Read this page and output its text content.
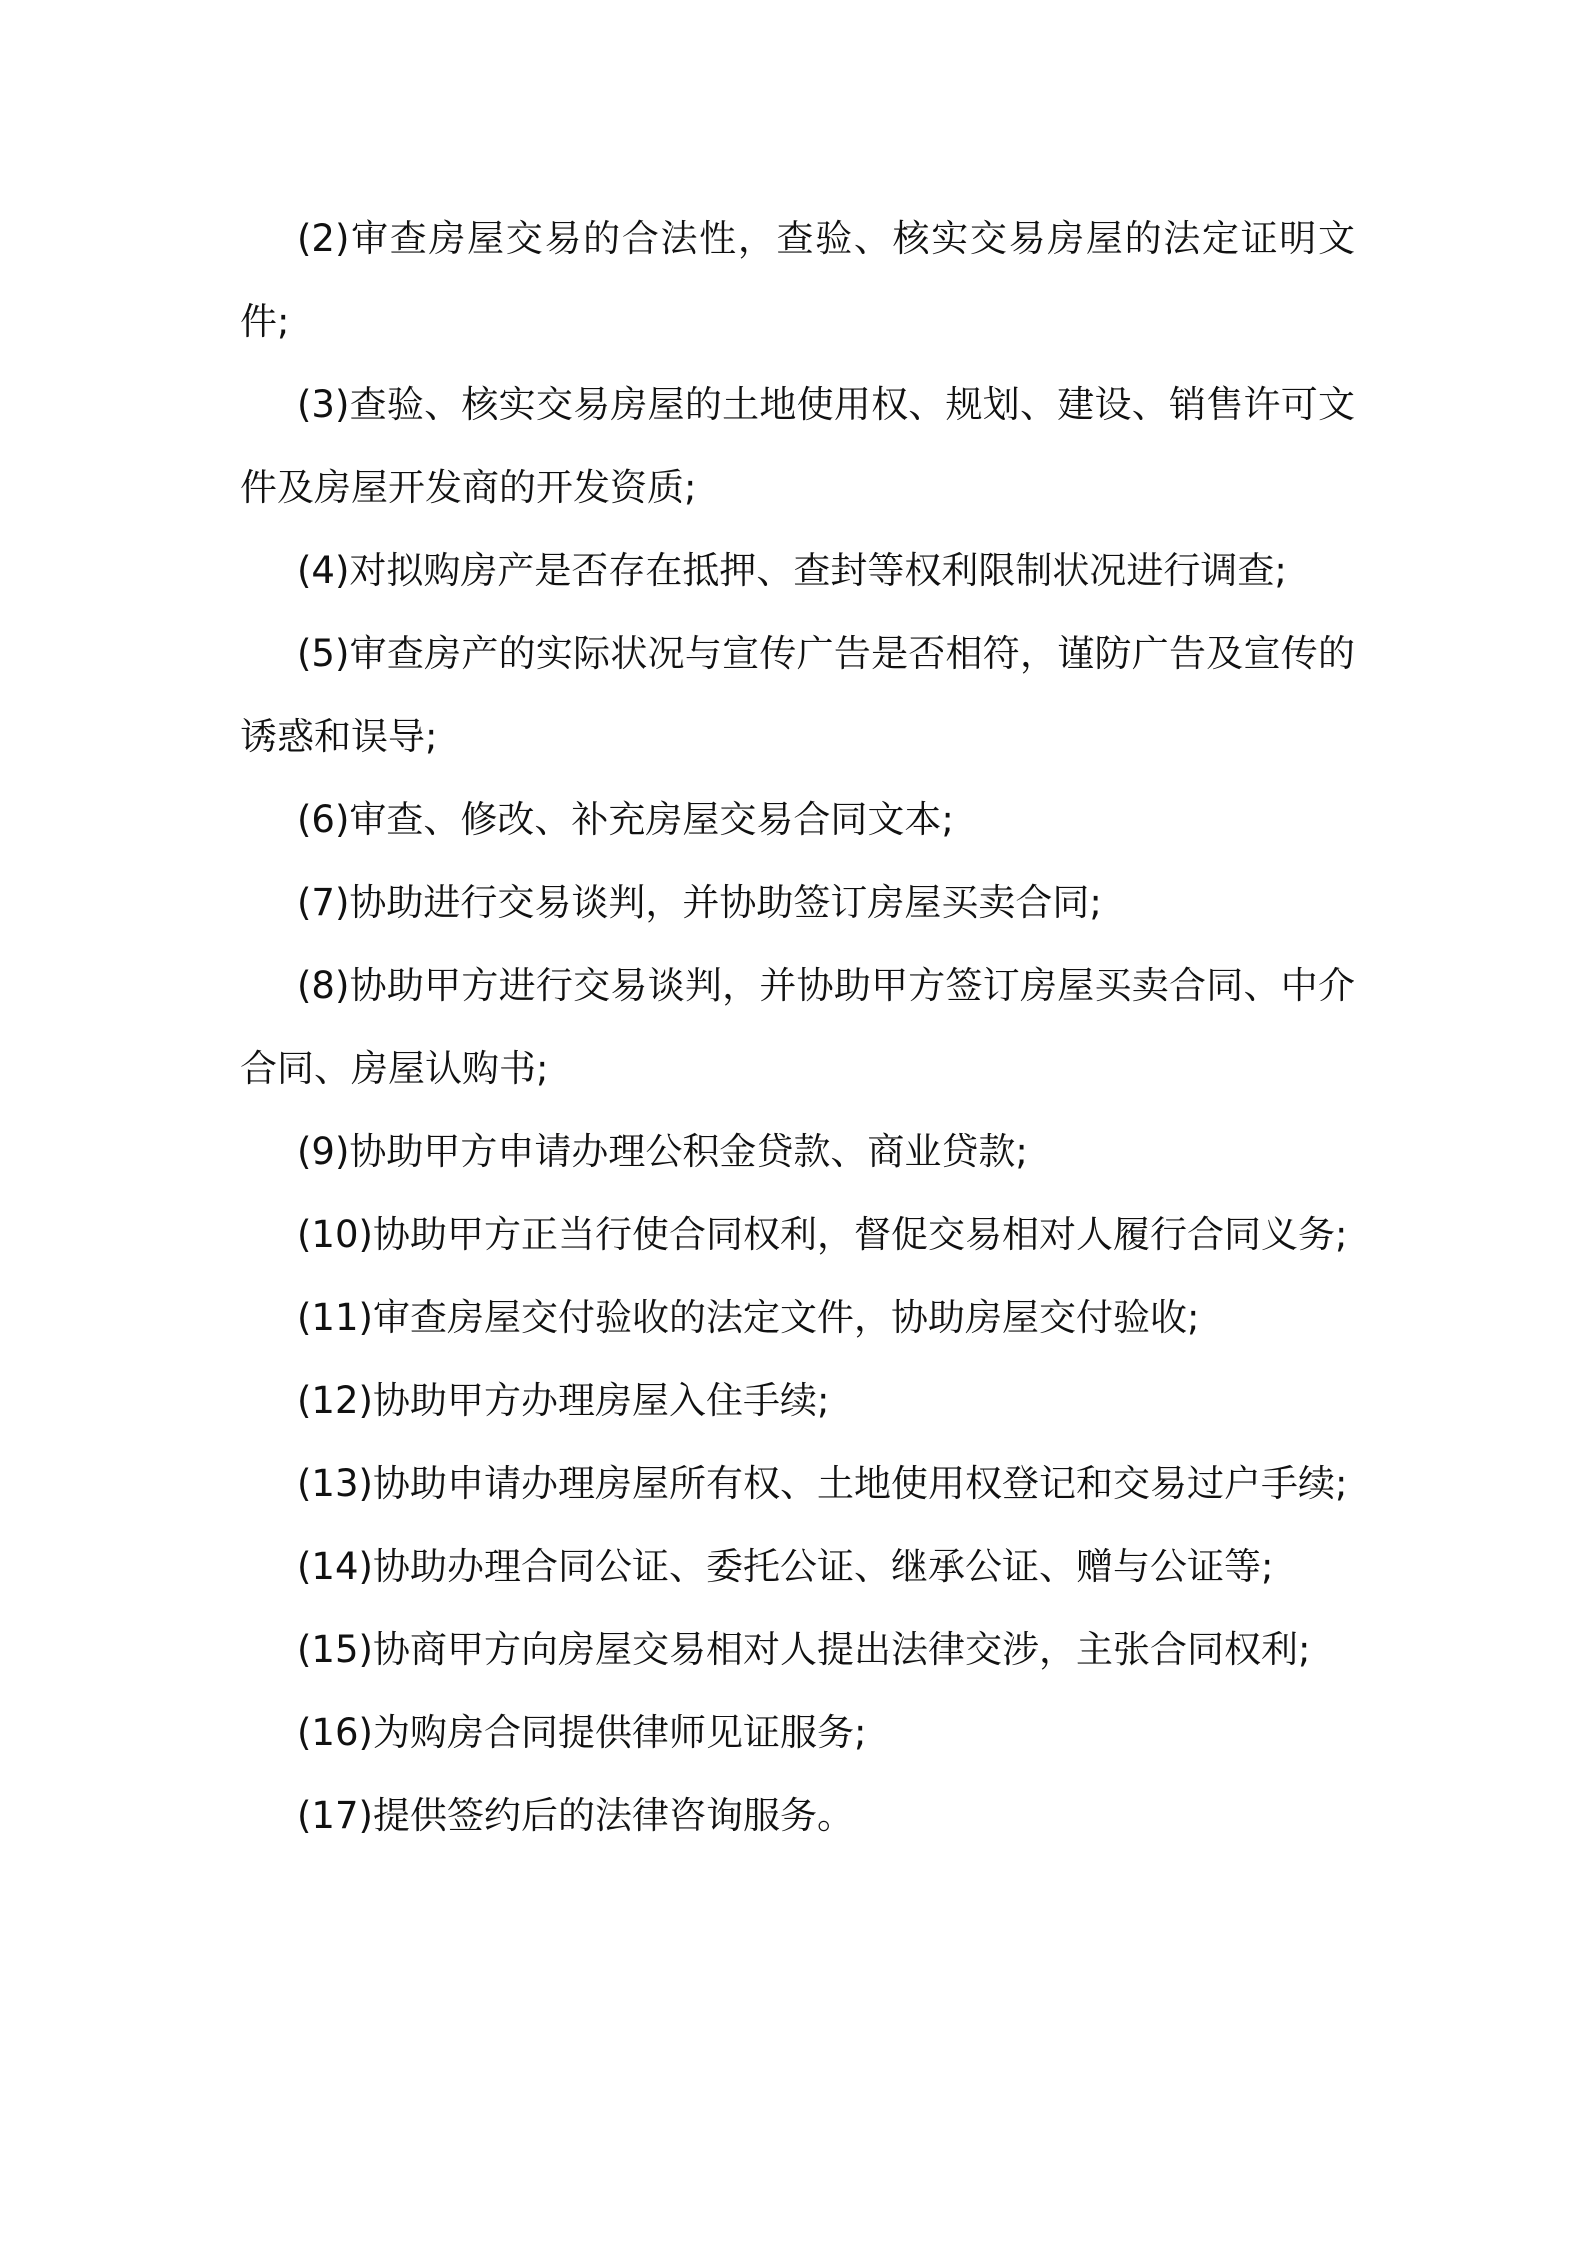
(2)审查房屋交易的合法性，查验、核实交易房屋的法定证明文件;

(3)查验、核实交易房屋的土地使用权、规划、建设、销售许可文件及房屋开发商的开发资质;

(4)对拟购房产是否存在抵押、查封等权利限制状况进行调查;

(5)审查房产的实际状况与宣传广告是否相符，谨防广告及宣传的诱惑和误导;

(6)审查、修改、补充房屋交易合同文本;

(7)协助进行交易谈判，并协助签订房屋买卖合同;

(8)协助甲方进行交易谈判，并协助甲方签订房屋买卖合同、中介合同、房屋认购书;

(9)协助甲方申请办理公积金贷款、商业贷款;

(10)协助甲方正当行使合同权利，督促交易相对人履行合同义务;

(11)审查房屋交付验收的法定文件，协助房屋交付验收;

(12)协助甲方办理房屋入住手续;

(13)协助申请办理房屋所有权、土地使用权登记和交易过户手续;

(14)协助办理合同公证、委托公证、继承公证、赠与公证等;

(15)协商甲方向房屋交易相对人提出法律交涉，主张合同权利;

(16)为购房合同提供律师见证服务;

(17)提供签约后的法律咨询服务。
